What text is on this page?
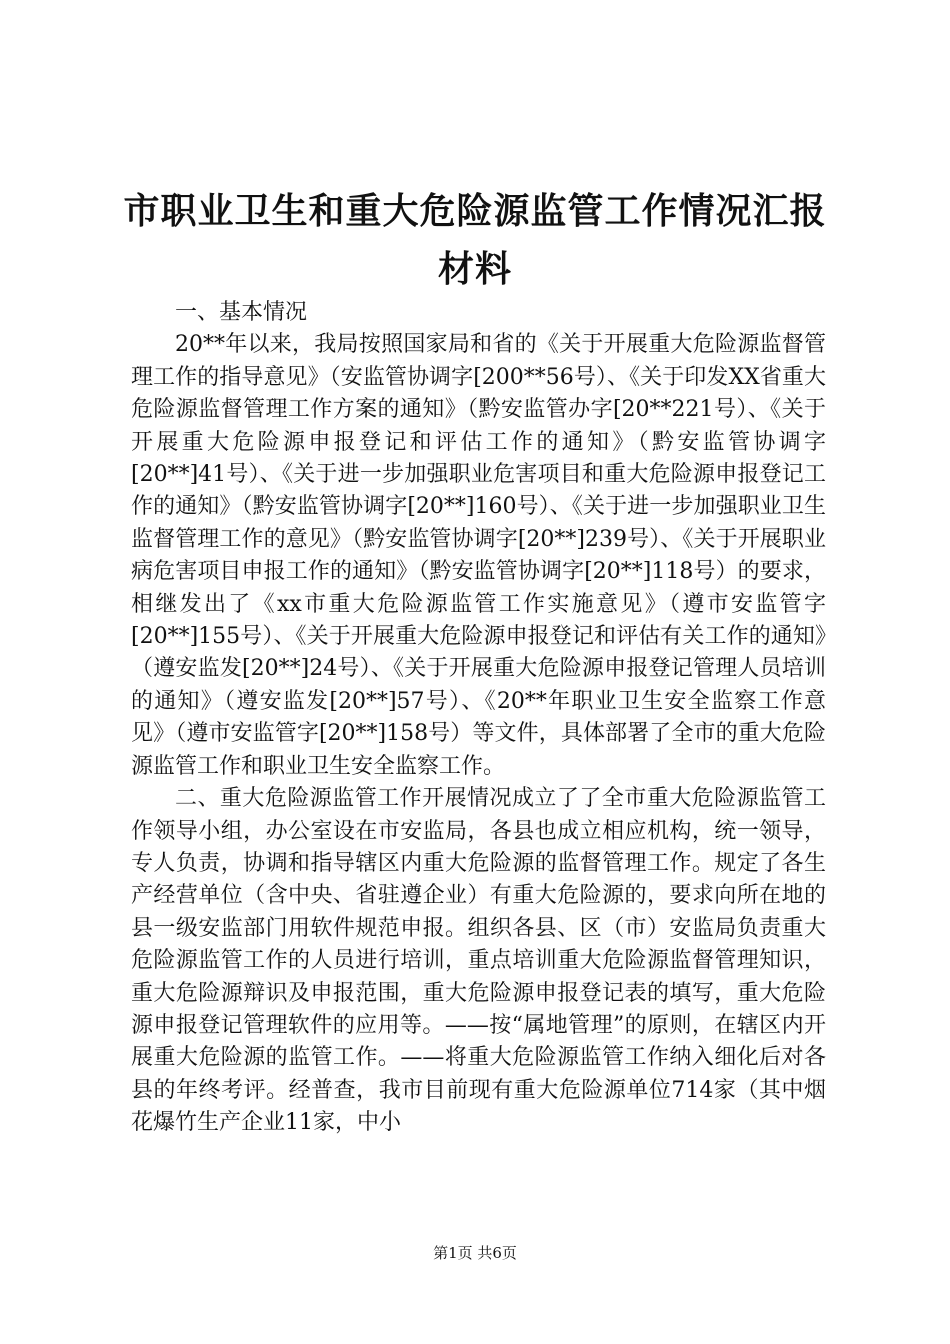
市职业卫生和重大危险源监管工作情况汇报材料

一、基本情况

20**年以来，我局按照国家局和省的《关于开展重大危险源监督管理工作的指导意见》（安监管协调字[200**56号）、《关于印发XX省重大危险源监督管理工作方案的通知》（黔安监管办字[20**221号）、《关于开展重大危险源申报登记和评估工作的通知》（黔安监管协调字[20**]41号）、《关于进一步加强职业危害项目和重大危险源申报登记工作的通知》（黔安监管协调字[20**]160号）、《关于进一步加强职业卫生监督管理工作的意见》（黔安监管协调字[20**]239号）、《关于开展职业病危害项目申报工作的通知》（黔安监管协调字[20**]118号）的要求，相继发出了《xx市重大危险源监管工作实施意见》（遵市安监管字[20**]155号）、《关于开展重大危险源申报登记和评估有关工作的通知》（遵安监发[20**]24号）、《关于开展重大危险源申报登记管理人员培训的通知》（遵安监发[20**]57号）、《20**年职业卫生安全监察工作意见》（遵市安监管字[20**]158号）等文件，具体部署了全市的重大危险源监管工作和职业卫生安全监察工作。

二、重大危险源监管工作开展情况成立了了全市重大危险源监管工作领导小组，办公室设在市安监局，各县也成立相应机构，统一领导，专人负责，协调和指导辖区内重大危险源的监督管理工作。规定了各生产经营单位（含中央、省驻遵企业）有重大危险源的，要求向所在地的县一级安监部门用软件规范申报。组织各县、区（市）安监局负责重大危险源监管工作的人员进行培训，重点培训重大危险源监督管理知识，重大危险源辩识及申报范围，重大危险源申报登记表的填写，重大危险源申报登记管理软件的应用等。——按“属地管理”的原则，在辖区内开展重大危险源的监管工作。——将重大危险源监管工作纳入细化后对各县的年终考评。经普查，我市目前现有重大危险源单位714家（其中烟花爆竹生产企业11家，中小

第1页 共6页
